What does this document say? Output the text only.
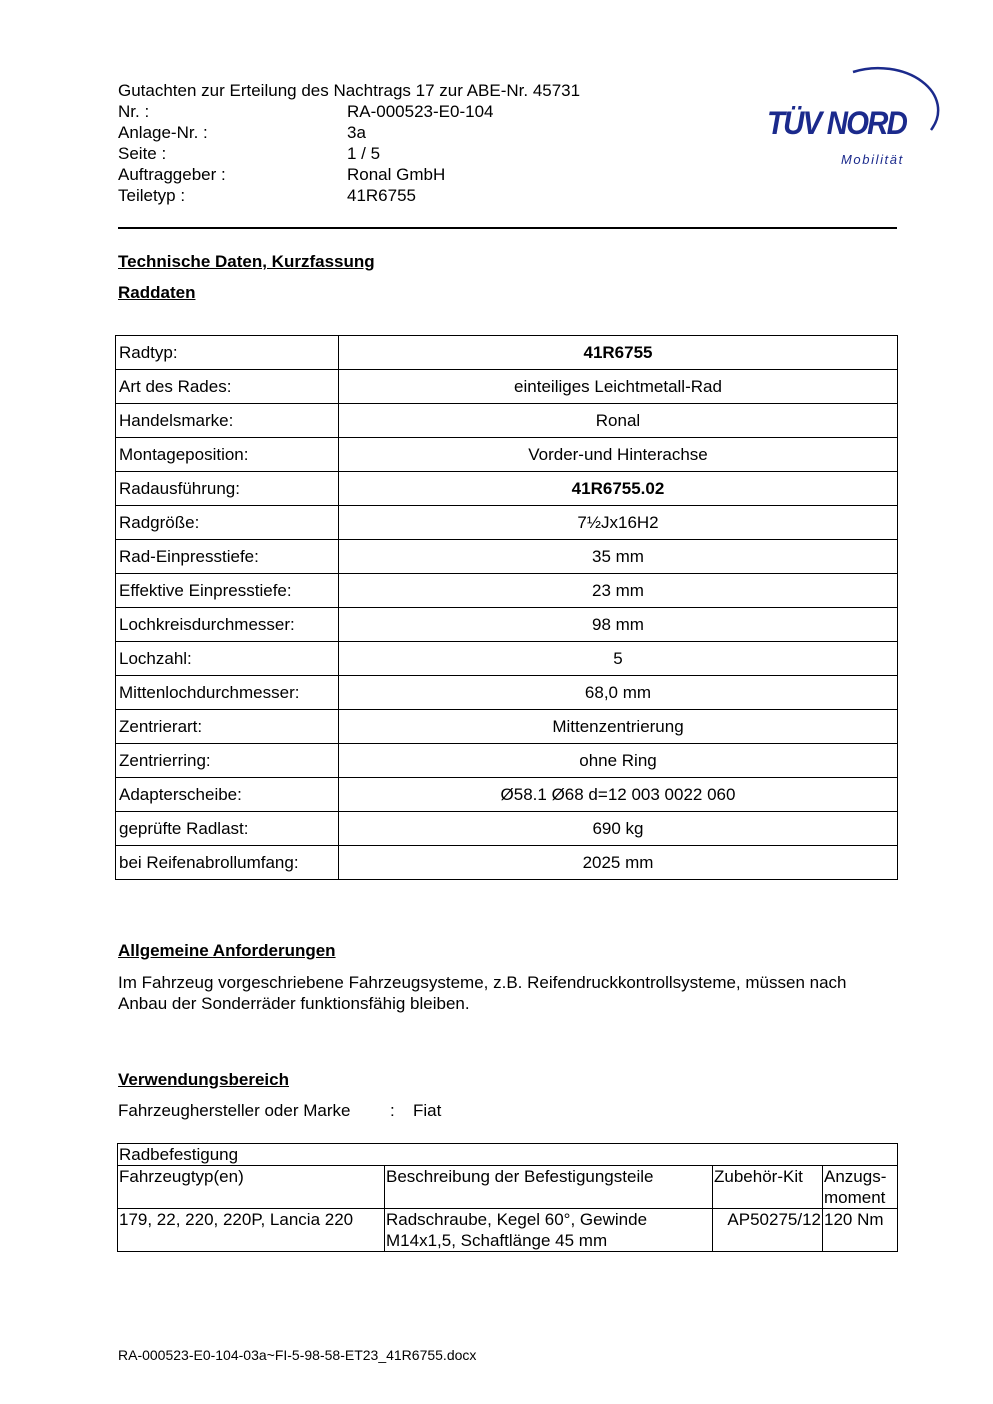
Gutachten zur Erteilung des Nachtrags 17 zur ABE-Nr. 45731
Nr. :	RA-000523-E0-104
Anlage-Nr. :	3a
Seite :	1 / 5
Auftraggeber :	Ronal GmbH
Teiletyp :	41R6755
TÜV NORD
Mobilität
Technische Daten, Kurzfassung
Raddaten
Radtyp:	41R6755
Art des Rades:	einteiliges Leichtmetall-Rad
Handelsmarke:	Ronal
Montageposition:	Vorder-und Hinterachse
Radausführung:	41R6755.02
Radgröße:	7½Jx16H2
Rad-Einpresstiefe:	35 mm
Effektive Einpresstiefe:	23 mm
Lochkreisdurchmesser:	98 mm
Lochzahl:	5
Mittenlochdurchmesser:	68,0 mm
Zentrierart:	Mittenzentrierung
Zentrierring:	ohne Ring
Adapterscheibe:	Ø58.1 Ø68 d=12 003 0022 060
geprüfte Radlast:	690 kg
bei Reifenabrollumfang:	2025 mm
Allgemeine Anforderungen
Im Fahrzeug vorgeschriebene Fahrzeugsysteme, z.B. Reifendruckkontrollsysteme, müssen nach Anbau der Sonderräder funktionsfähig bleiben.
Verwendungsbereich
Fahrzeughersteller oder Marke : Fiat
Radbefestigung			
Fahrzeugtyp(en)	Beschreibung der Befestigungsteile	Zubehör-Kit	Anzugs-moment
179, 22, 220, 220P, Lancia 220	Radschraube, Kegel 60°, Gewinde M14x1,5, Schaftlänge 45 mm	AP50275/12	120 Nm
RA-000523-E0-104-03a~FI-5-98-58-ET23_41R6755.docx
